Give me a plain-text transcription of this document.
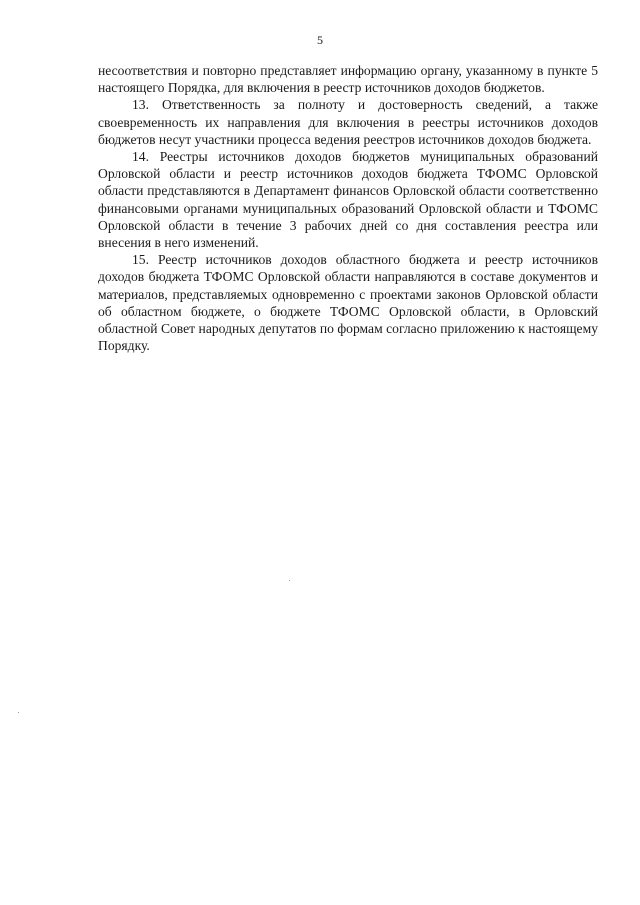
5

несоответствия и повторно представляет информацию органу, указанному в пункте 5 настоящего Порядка, для включения в реестр источников доходов бюджетов.

13. Ответственность за полноту и достоверность сведений, а также своевременность их направления для включения в реестры источников доходов бюджетов несут участники процесса ведения реестров источников доходов бюджета.

14. Реестры источников доходов бюджетов муниципальных образований Орловской области и реестр источников доходов бюджета ТФОМС Орловской области представляются в Департамент финансов Орловской области соответственно финансовыми органами муниципальных образований Орловской области и ТФОМС Орловской области в течение 3 рабочих дней со дня составления реестра или внесения в него изменений.

15. Реестр источников доходов областного бюджета и реестр источников доходов бюджета ТФОМС Орловской области направляются в составе документов и материалов, представляемых одновременно с проектами законов Орловской области об областном бюджете, о бюджете ТФОМС Орловской области, в Орловский областной Совет народных депутатов по формам согласно приложению к настоящему Порядку.
